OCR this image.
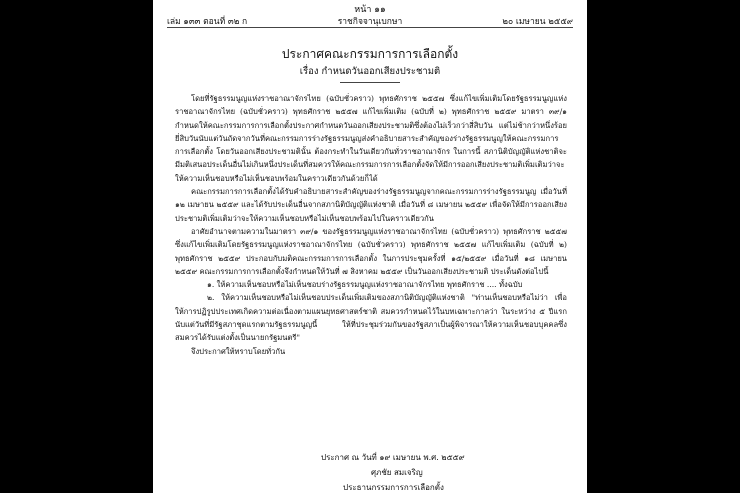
หน้า ๑๑
เล่ม ๑๓๓ ตอนที่ ๓๒ ก	ราชกิจจานุเบกษา	๒๐ เมษายน ๒๕๕๙
ประกาศคณะกรรมการการเลือกตั้ง
เรื่อง กำหนดวันออกเสียงประชามติ

โดยที่รัฐธรรมนูญแห่งราชอาณาจักรไทย (ฉบับชั่วคราว) พุทธศักราช ๒๕๕๗ ซึ่งแก้ไขเพิ่มเติมโดยรัฐธรรมนูญแห่งราชอาณาจักรไทย (ฉบับชั่วคราว) พุทธศักราช ๒๕๕๗ แก้ไขเพิ่มเติม (ฉบับที่ ๒) พุทธศักราช ๒๕๕๙ มาตรา ๓๙/๑ กำหนดให้คณะกรรมการการเลือกตั้งประกาศกำหนดวันออกเสียงประชามติซึ่งต้องไม่เร็วกว่าสี่สิบวัน แต่ไม่ช้ากว่าหนึ่งร้อยยี่สิบวันนับแต่วันถัดจากวันที่คณะกรรมการร่างรัฐธรรมนูญส่งคำอธิบายสาระสำคัญของร่างรัฐธรรมนูญให้คณะกรรมการการเลือกตั้ง โดยวันออกเสียงประชามตินั้น ต้องกระทำในวันเดียวกันทั่วราชอาณาจักร ในการนี้ สภานิติบัญญัติแห่งชาติจะมีมติเสนอประเด็นอื่นไม่เกินหนึ่งประเด็นที่สมควรให้คณะกรรมการการเลือกตั้งจัดให้มีการออกเสียงประชามติเพิ่มเติมว่าจะให้ความเห็นชอบหรือไม่เห็นชอบพร้อมในคราวเดียวกันด้วยก็ได้

คณะกรรมการการเลือกตั้งได้รับคำอธิบายสาระสำคัญของร่างรัฐธรรมนูญจากคณะกรรมการร่างรัฐธรรมนูญ เมื่อวันที่ ๑๒ เมษายน ๒๕๕๙ และได้รับประเด็นอื่นจากสภานิติบัญญัติแห่งชาติ เมื่อวันที่ ๘ เมษายน ๒๕๕๙ เพื่อจัดให้มีการออกเสียงประชามติเพิ่มเติมว่าจะให้ความเห็นชอบหรือไม่เห็นชอบพร้อมไปในคราวเดียวกัน

อาศัยอำนาจตามความในมาตรา ๓๙/๑ ของรัฐธรรมนูญแห่งราชอาณาจักรไทย (ฉบับชั่วคราว) พุทธศักราช ๒๕๕๗ ซึ่งแก้ไขเพิ่มเติมโดยรัฐธรรมนูญแห่งราชอาณาจักรไทย (ฉบับชั่วคราว) พุทธศักราช ๒๕๕๗ แก้ไขเพิ่มเติม (ฉบับที่ ๒) พุทธศักราช ๒๕๕๙ ประกอบกับมติคณะกรรมการการเลือกตั้ง ในการประชุมครั้งที่ ๑๕/๒๕๕๙ เมื่อวันที่ ๑๘ เมษายน ๒๕๕๙ คณะกรรมการการเลือกตั้งจึงกำหนดให้วันที่ ๗ สิงหาคม ๒๕๕๙ เป็นวันออกเสียงประชามติ ประเด็นดังต่อไปนี้

๑. ให้ความเห็นชอบหรือไม่เห็นชอบร่างรัฐธรรมนูญแห่งราชอาณาจักรไทย พุทธศักราช .... ทั้งฉบับ

๒. ให้ความเห็นชอบหรือไม่เห็นชอบประเด็นเพิ่มเติมของสภานิติบัญญัติแห่งชาติ "ท่านเห็นชอบหรือไม่ว่า เพื่อให้การปฏิรูปประเทศเกิดความต่อเนื่องตามแผนยุทธศาสตร์ชาติ สมควรกำหนดไว้ในบทเฉพาะกาลว่า ในระหว่าง ๕ ปีแรกนับแต่วันที่มีรัฐสภาชุดแรกตามรัฐธรรมนูญนี้ ให้ที่ประชุมร่วมกันของรัฐสภาเป็นผู้พิจารณาให้ความเห็นชอบบุคคลซึ่งสมควรได้รับแต่งตั้งเป็นนายกรัฐมนตรี"

จึงประกาศให้ทราบโดยทั่วกัน

ประกาศ ณ วันที่ ๑๙ เมษายน พ.ศ. ๒๕๕๙
ศุภชัย สมเจริญ
ประธานกรรมการการเลือกตั้ง
